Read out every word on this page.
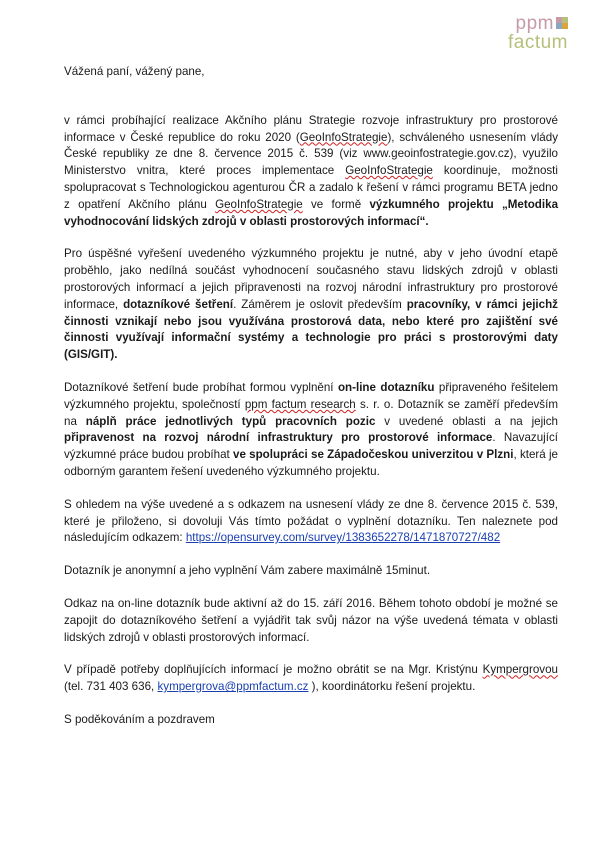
ppm
factum

Vážená paní, vážený pane,

v rámci probíhající realizace Akčního plánu Strategie rozvoje infrastruktury pro prostorové informace v České republice do roku 2020 (GeoInfoStrategie), schváleného usnesením vlády České republiky ze dne 8. července 2015 č. 539 (viz www.geoinfostrategie.gov.cz), využilo Ministerstvo vnitra, které proces implementace GeoInfoStrategie koordinuje, možnosti spolupracovat s Technologickou agenturou ČR a zadalo k řešení v rámci programu BETA jedno z opatření Akčního plánu GeoInfoStrategie ve formě výzkumného projektu „Metodika vyhodnocování lidských zdrojů v oblasti prostorových informací“.

Pro úspěšné vyřešení uvedeného výzkumného projektu je nutné, aby v jeho úvodní etapě proběhlo, jako nedílná součást vyhodnocení současného stavu lidských zdrojů v oblasti prostorových informací a jejich připravenosti na rozvoj národní infrastruktury pro prostorové informace, dotazníkové šetření. Záměrem je oslovit především pracovníky, v rámci jejichž činnosti vznikají nebo jsou využívána prostorová data, nebo které pro zajištění své činnosti využívají informační systémy a technologie pro práci s prostorovými daty (GIS/GIT).

Dotazníkové šetření bude probíhat formou vyplnění on-line dotazníku připraveného řešitelem výzkumného projektu, společností ppm factum research s. r. o. Dotazník se zaměří především na náplň práce jednotlivých typů pracovních pozic v uvedené oblasti a na jejich připravenost na rozvoj národní infrastruktury pro prostorové informace. Navazující výzkumné práce budou probíhat ve spolupráci se Západočeskou univerzitou v Plzni, která je odborným garantem řešení uvedeného výzkumného projektu.

S ohledem na výše uvedené a s odkazem na usnesení vlády ze dne 8. července 2015 č. 539, které je přiloženo, si dovoluji Vás tímto požádat o vyplnění dotazníku. Ten naleznete pod následujícím odkazem: https://opensurvey.com/survey/1383652278/1471870727/482

Dotazník je anonymní a jeho vyplnění Vám zabere maximálně 15minut.

Odkaz na on-line dotazník bude aktivní až do 15. září 2016. Během tohoto období je možné se zapojit do dotazníkového šetření a vyjádřit tak svůj názor na výše uvedená témata v oblasti lidských zdrojů v oblasti prostorových informací.

V případě potřeby doplňujících informací je možno obrátit se na Mgr. Kristýnu Kympergrovou (tel. 731 403 636, kympergrova@ppmfactum.cz ), koordinátorku řešení projektu.

S poděkováním a pozdravem
